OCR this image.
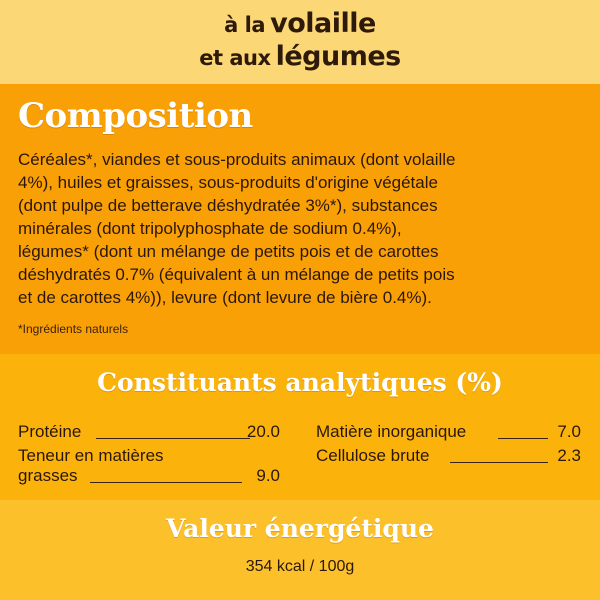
à la volaille
et aux légumes
Composition
Céréales*, viandes et sous-produits animaux (dont volaille
4%), huiles et graisses, sous-produits d'origine végétale
(dont pulpe de betterave déshydratée 3%*), substances
minérales (dont tripolyphosphate de sodium 0.4%),
légumes* (dont un mélange de petits pois et de carottes
déshydratés 0.7% (équivalent à un mélange de petits pois
et de carottes 4%)), levure (dont levure de bière 0.4%).
*Ingrédients naturels
Constituants analytiques (%)
Protéine	20.0
Teneur en matières
grasses	9.0
Matière inorganique	7.0
Cellulose brute	2.3
Valeur énergétique
354 kcal / 100g
